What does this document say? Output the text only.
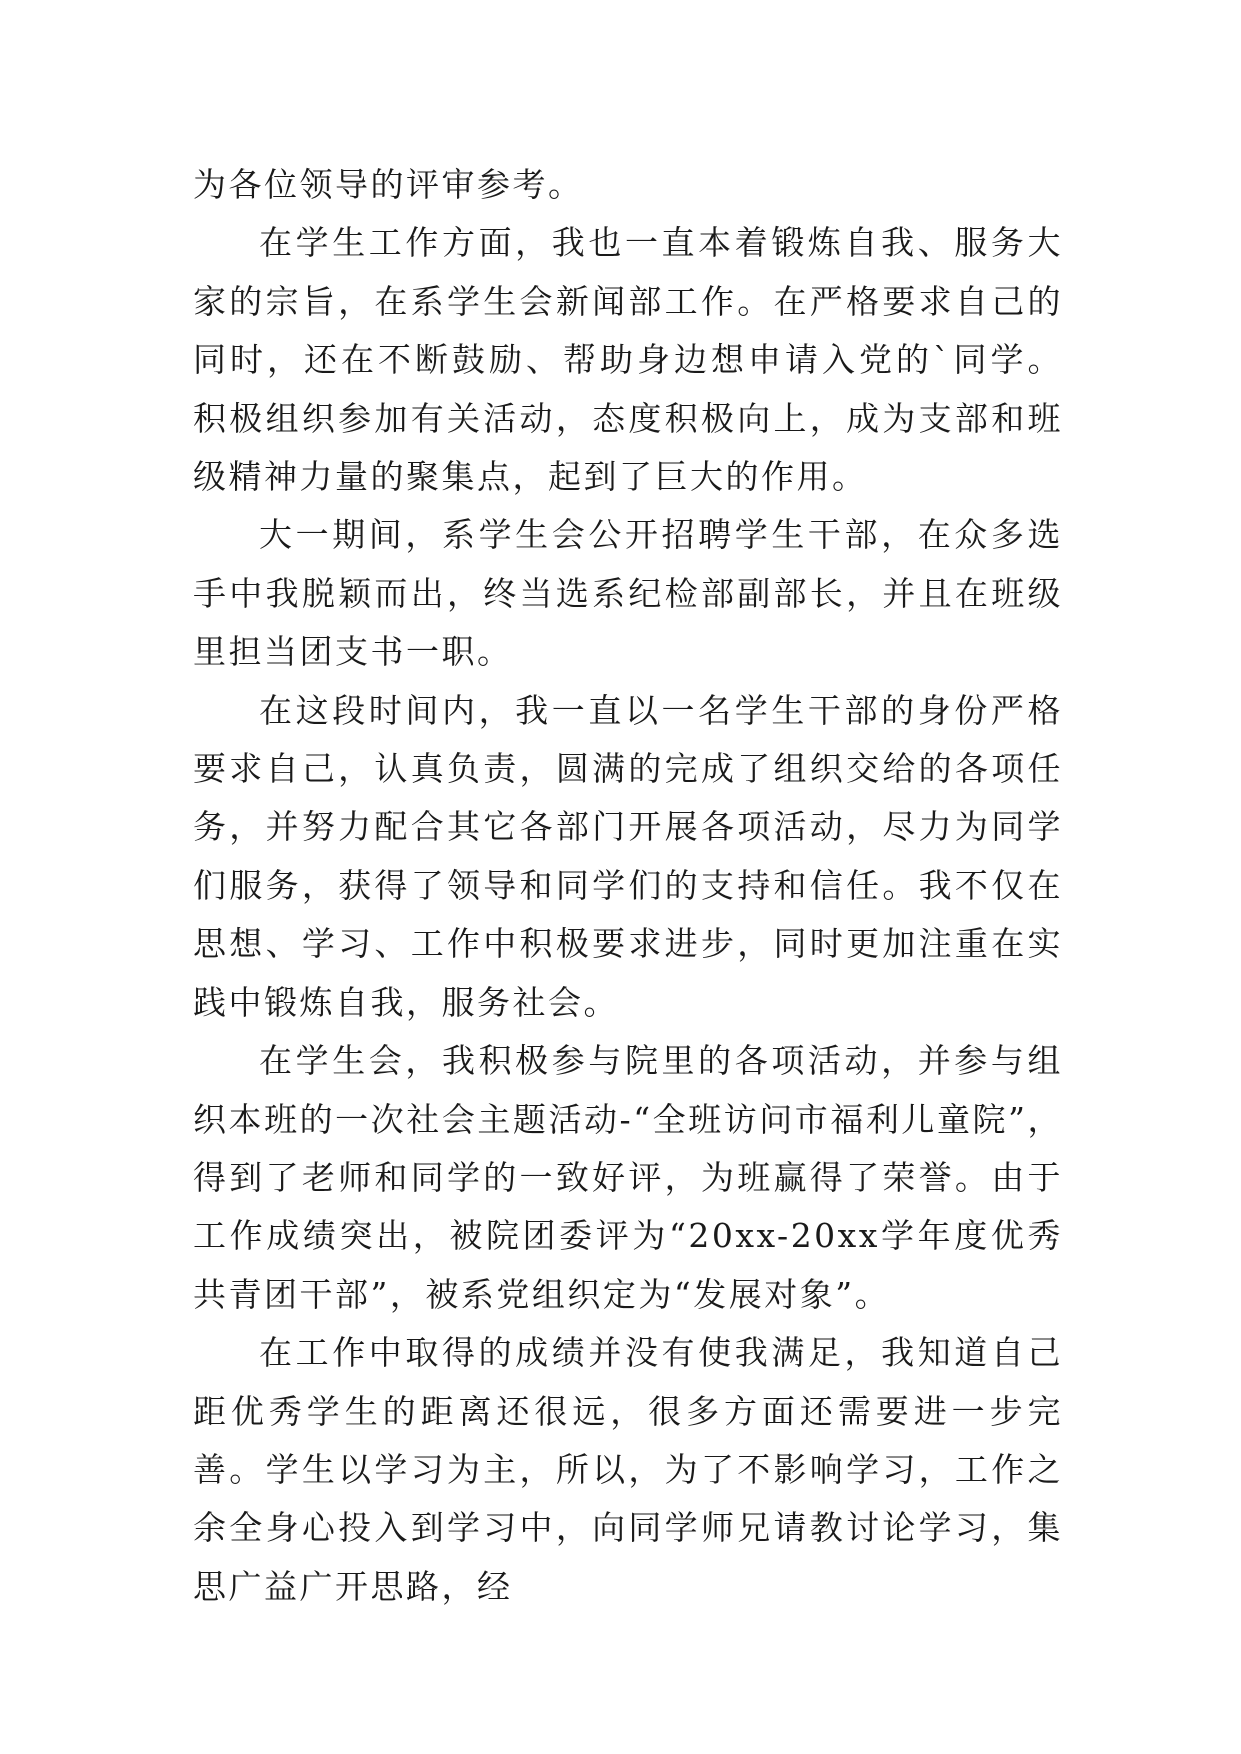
为各位领导的评审参考。

在学生工作方面，我也一直本着锻炼自我、服务大家的宗旨，在系学生会新闻部工作。在严格要求自己的同时，还在不断鼓励、帮助身边想申请入党的`同学。积极组织参加有关活动，态度积极向上，成为支部和班级精神力量的聚集点，起到了巨大的作用。

大一期间，系学生会公开招聘学生干部，在众多选手中我脱颖而出，终当选系纪检部副部长，并且在班级里担当团支书一职。

在这段时间内，我一直以一名学生干部的身份严格要求自己，认真负责，圆满的完成了组织交给的各项任务，并努力配合其它各部门开展各项活动，尽力为同学们服务，获得了领导和同学们的支持和信任。我不仅在思想、学习、工作中积极要求进步，同时更加注重在实践中锻炼自我，服务社会。

在学生会，我积极参与院里的各项活动，并参与组织本班的一次社会主题活动-“全班访问市福利儿童院”，得到了老师和同学的一致好评，为班赢得了荣誉。由于工作成绩突出，被院团委评为“20xx-20xx学年度优秀共青团干部”，被系党组织定为“发展对象”。

在工作中取得的成绩并没有使我满足，我知道自己距优秀学生的距离还很远，很多方面还需要进一步完善。学生以学习为主，所以，为了不影响学习，工作之余全身心投入到学习中，向同学师兄请教讨论学习，集思广益广开思路，经
